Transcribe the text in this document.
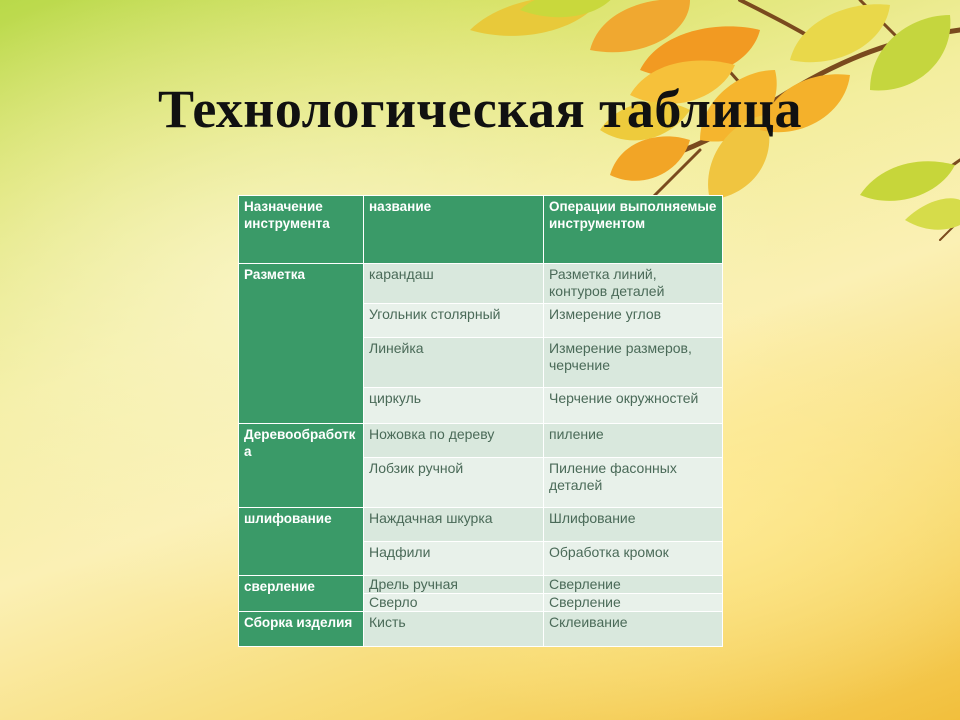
Технологическая таблица
Назначение инструмента	название	Операции выполняемые инструментом
Разметка	карандаш	Разметка линий, контуров деталей
	Угольник столярный	Измерение углов
	Линейка	Измерение размеров, черчение
	циркуль	Черчение окружностей
Деревообработка	Ножовка по дереву	пиление
	Лобзик ручной	Пиление фасонных деталей
шлифование	Наждачная шкурка	Шлифование
	Надфили	Обработка кромок
сверление	Дрель ручная	Сверление
	Сверло	Сверление
Сборка изделия	Кисть	Склеивание
